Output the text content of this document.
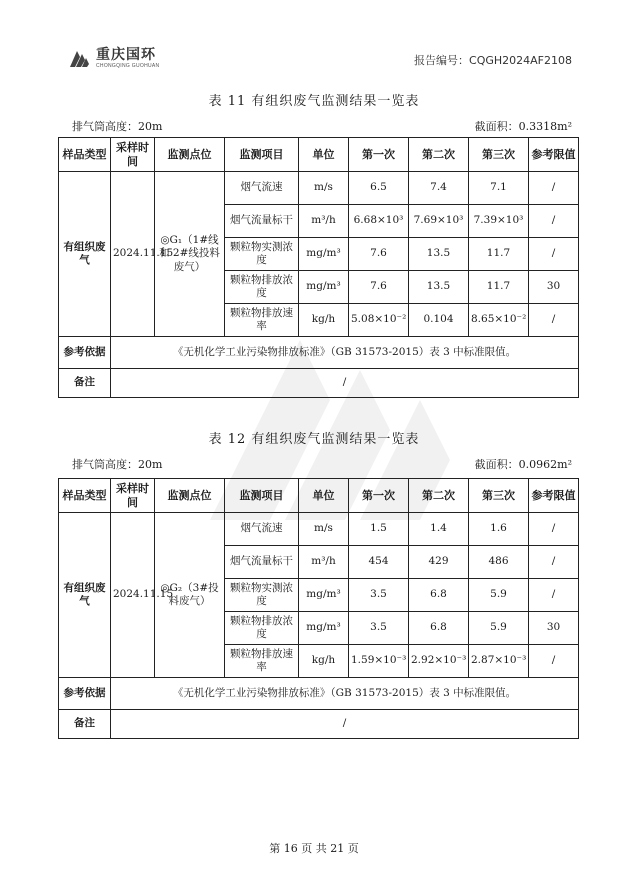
重庆国环
CHONGQING GUOHUAN	报告编号：CQGH2024AF2108
表 11 有组织废气监测结果一览表
排气筒高度：20m	截面积：0.3318m²
样品类型	采样时间	监测点位	监测项目	单位	第一次	第二次	第三次	参考限值
有组织废气	2024.11.15	◎G₁（1#线和 2#线投料废气）	烟气流速	m/s	6.5	7.4	7.1	/
			烟气流量标干	m³/h	6.68×10³	7.69×10³	7.39×10³	/
			颗粒物实测浓度	mg/m³	7.6	13.5	11.7	/
			颗粒物排放浓度	mg/m³	7.6	13.5	11.7	30
			颗粒物排放速率	kg/h	5.08×10⁻²	0.104	8.65×10⁻²	/
参考依据	《无机化学工业污染物排放标准》（GB 31573-2015）表 3 中标准限值。							
备注	/							
表 12 有组织废气监测结果一览表
排气筒高度：20m	截面积：0.0962m²
样品类型	采样时间	监测点位	监测项目	单位	第一次	第二次	第三次	参考限值
有组织废气	2024.11.15	◎G₂（3#投料废气）	烟气流速	m/s	1.5	1.4	1.6	/
			烟气流量标干	m³/h	454	429	486	/
			颗粒物实测浓度	mg/m³	3.5	6.8	5.9	/
			颗粒物排放浓度	mg/m³	3.5	6.8	5.9	30
			颗粒物排放速率	kg/h	1.59×10⁻³	2.92×10⁻³	2.87×10⁻³	/
参考依据	《无机化学工业污染物排放标准》（GB 31573-2015）表 3 中标准限值。							
备注	/							
第 16 页 共 21 页
